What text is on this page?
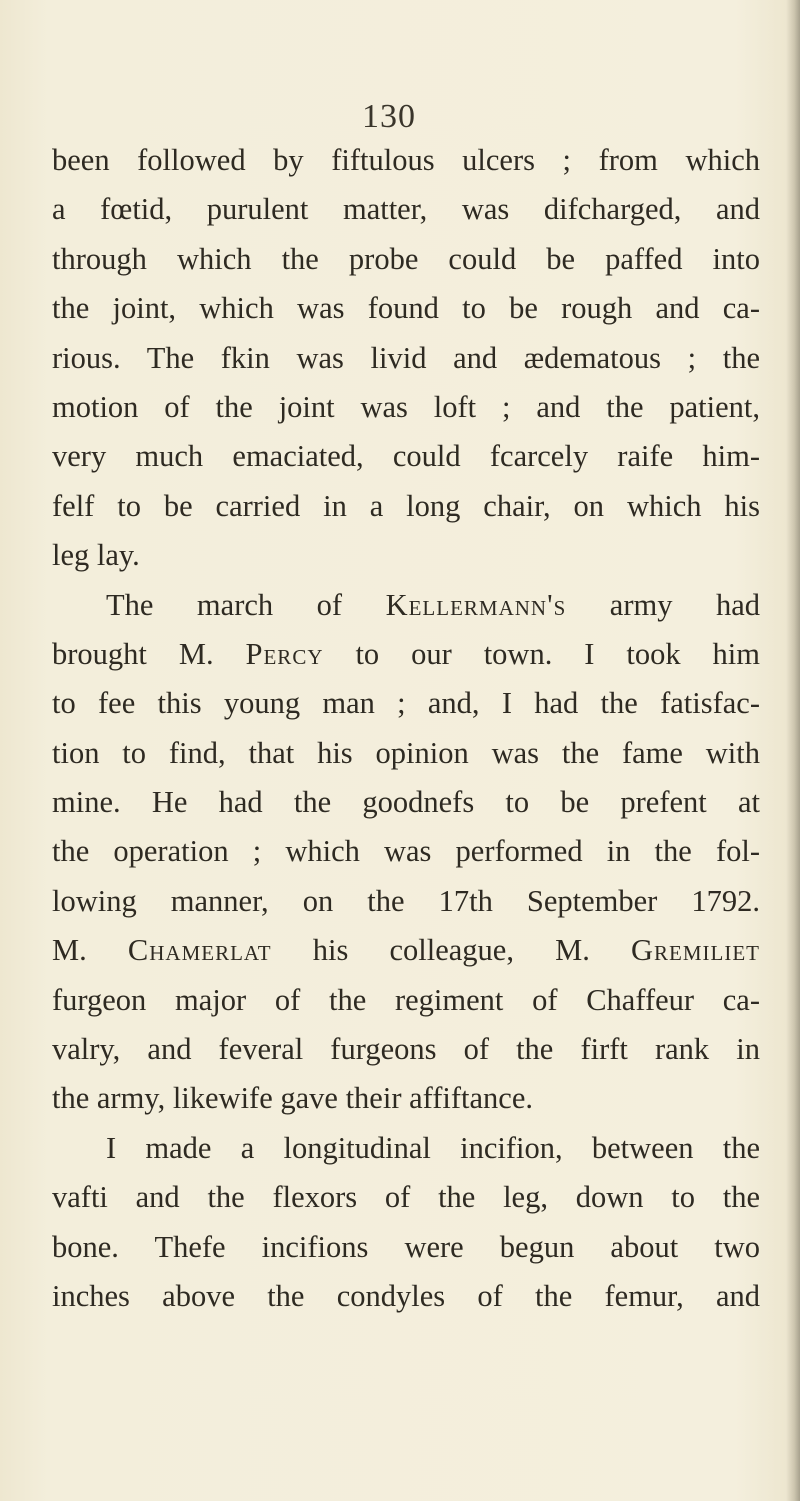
130
been followed by fiftulous ulcers ; from which
a fœtid, purulent matter, was difcharged, and
through which the probe could be paffed into
the joint, which was found to be rough and ca-
rious. The fkin was livid and ædematous ; the
motion of the joint was loft ; and the patient,
very much emaciated, could fcarcely raife him-
felf to be carried in a long chair, on which his
leg lay.
The march of Kellermann's army had
brought M. Percy to our town. I took him
to fee this young man ; and, I had the fatisfac-
tion to find, that his opinion was the fame with
mine. He had the goodnefs to be prefent at
the operation ; which was performed in the fol-
lowing manner, on the 17th September 1792.
M. Chamerlat his colleague, M. Gremiliet
furgeon major of the regiment of Chaffeur ca-
valry, and feveral furgeons of the firft rank in
the army, likewife gave their affiftance.
I made a longitudinal incifion, between the
vafti and the flexors of the leg, down to the
bone. Thefe incifions were begun about two
inches above the condyles of the femur, and
